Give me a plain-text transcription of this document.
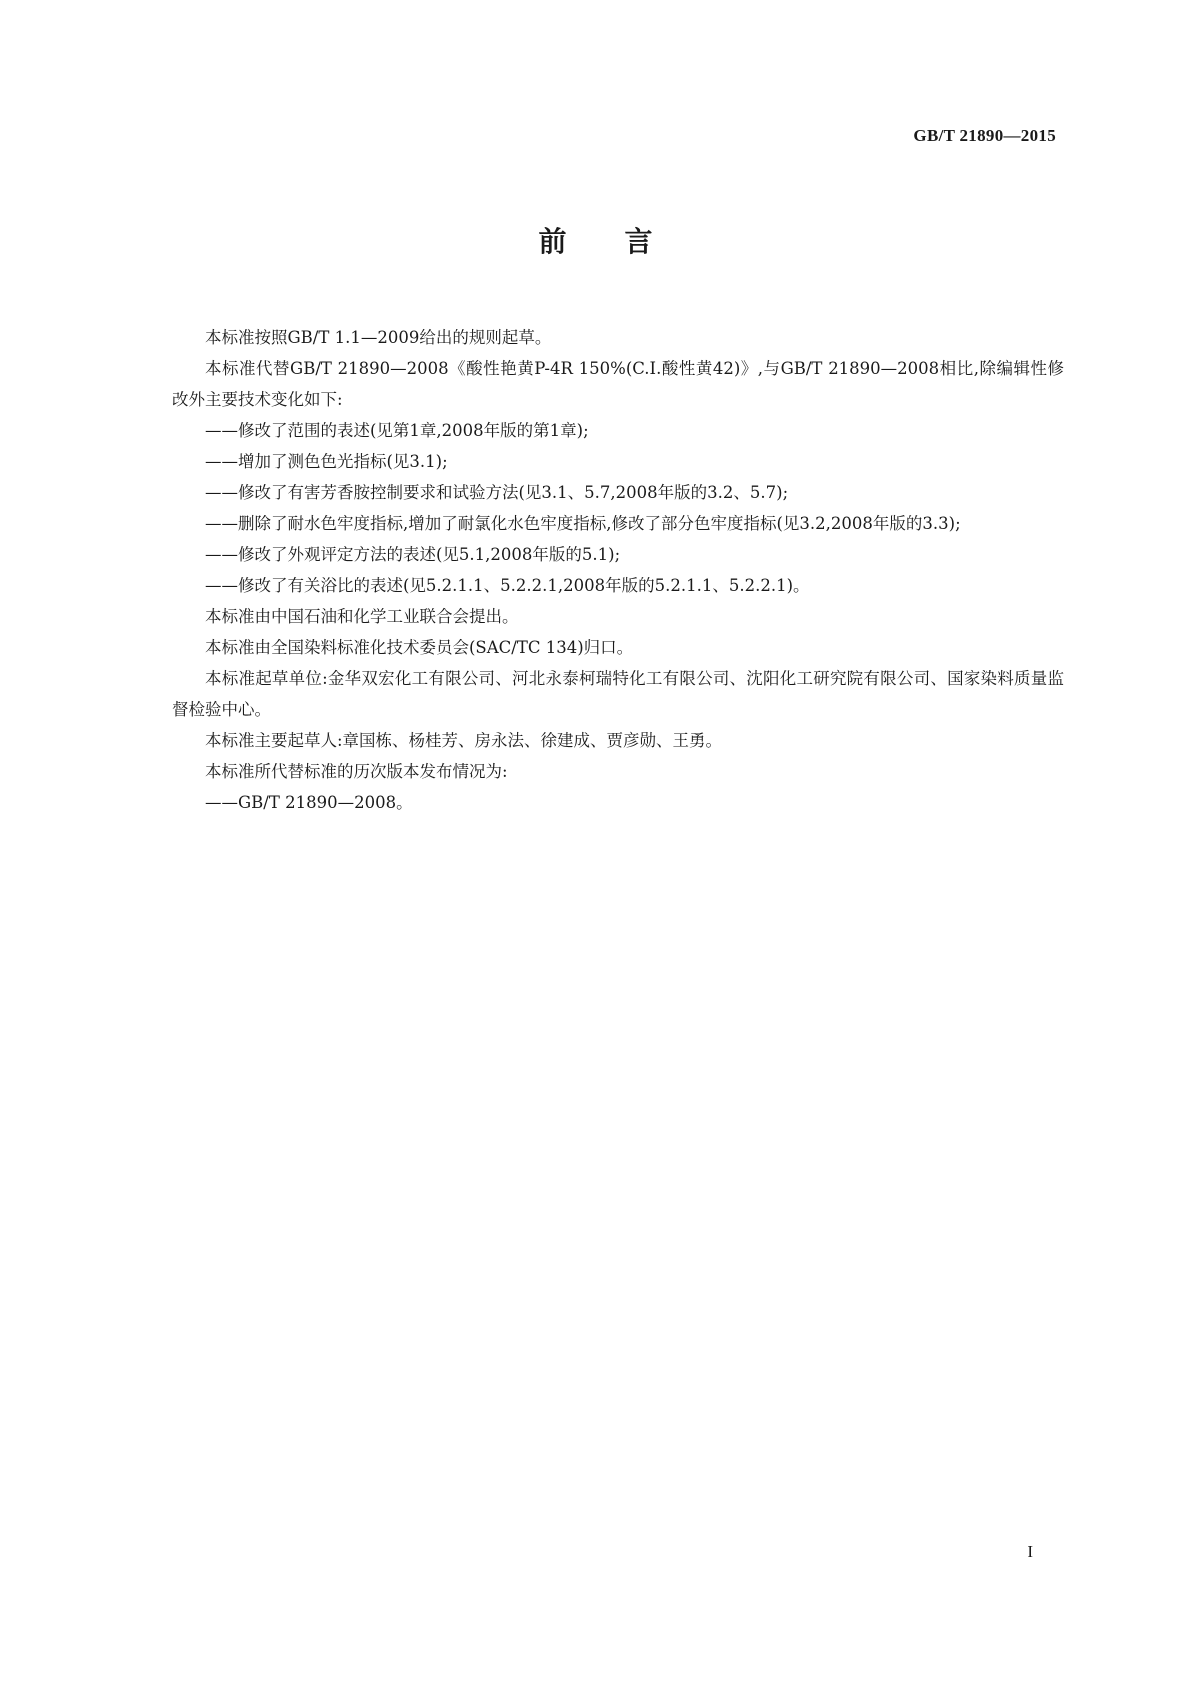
GB/T 21890—2015
前言

本标准按照GB/T 1.1—2009给出的规则起草。

本标准代替GB/T 21890—2008《酸性艳黄P-4R 150%(C.I.酸性黄42)》,与GB/T 21890—2008相比,除编辑性修改外主要技术变化如下:

——修改了范围的表述(见第1章,2008年版的第1章);

——增加了测色色光指标(见3.1);

——修改了有害芳香胺控制要求和试验方法(见3.1、5.7,2008年版的3.2、5.7);

——删除了耐水色牢度指标,增加了耐氯化水色牢度指标,修改了部分色牢度指标(见3.2,2008年版的3.3);

——修改了外观评定方法的表述(见5.1,2008年版的5.1);

——修改了有关浴比的表述(见5.2.1.1、5.2.2.1,2008年版的5.2.1.1、5.2.2.1)。

本标准由中国石油和化学工业联合会提出。

本标准由全国染料标准化技术委员会(SAC/TC 134)归口。

本标准起草单位:金华双宏化工有限公司、河北永泰柯瑞特化工有限公司、沈阳化工研究院有限公司、国家染料质量监督检验中心。

本标准主要起草人:章国栋、杨桂芳、房永法、徐建成、贾彦勋、王勇。

本标准所代替标准的历次版本发布情况为:

——GB/T 21890—2008。

I
